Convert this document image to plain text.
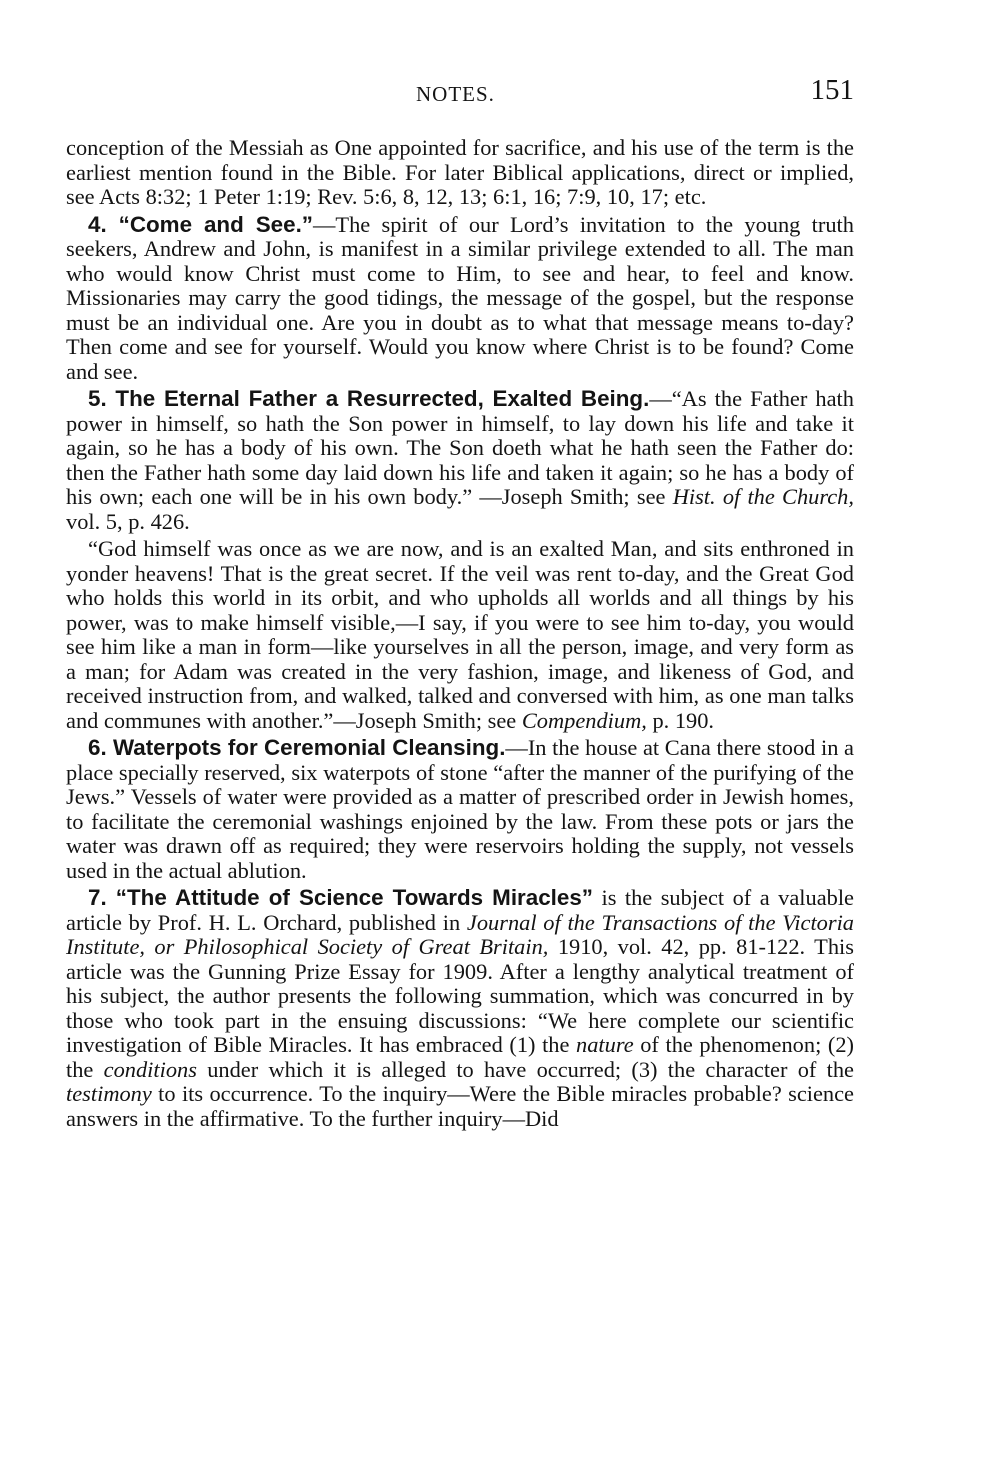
NOTES.	151

conception of the Messiah as One appointed for sacrifice, and his use of the term is the earliest mention found in the Bible. For later Biblical applications, direct or implied, see Acts 8:32; 1 Peter 1:19; Rev. 5:6, 8, 12, 13; 6:1, 16; 7:9, 10, 17; etc.

4. “Come and See.”—The spirit of our Lord’s invitation to the young truth seekers, Andrew and John, is manifest in a similar privilege extended to all. The man who would know Christ must come to Him, to see and hear, to feel and know. Missionaries may carry the good tidings, the message of the gospel, but the response must be an individual one. Are you in doubt as to what that message means to-day? Then come and see for yourself. Would you know where Christ is to be found? Come and see.

5. The Eternal Father a Resurrected, Exalted Being.—“As the Father hath power in himself, so hath the Son power in himself, to lay down his life and take it again, so he has a body of his own. The Son doeth what he hath seen the Father do: then the Father hath some day laid down his life and taken it again; so he has a body of his own; each one will be in his own body.” —Joseph Smith; see Hist. of the Church, vol. 5, p. 426.

“God himself was once as we are now, and is an exalted Man, and sits enthroned in yonder heavens! That is the great secret. If the veil was rent to-day, and the Great God who holds this world in its orbit, and who upholds all worlds and all things by his power, was to make himself visible,—I say, if you were to see him to-day, you would see him like a man in form—like yourselves in all the person, image, and very form as a man; for Adam was created in the very fashion, image, and likeness of God, and received instruction from, and walked, talked and conversed with him, as one man talks and communes with another.”—Joseph Smith; see Compendium, p. 190.

6. Waterpots for Ceremonial Cleansing.—In the house at Cana there stood in a place specially reserved, six waterpots of stone “after the manner of the purifying of the Jews.” Vessels of water were provided as a matter of prescribed order in Jewish homes, to facilitate the ceremonial washings enjoined by the law. From these pots or jars the water was drawn off as required; they were reservoirs holding the supply, not vessels used in the actual ablution.

7. “The Attitude of Science Towards Miracles” is the subject of a valuable article by Prof. H. L. Orchard, published in Journal of the Transactions of the Victoria Institute, or Philosophical Society of Great Britain, 1910, vol. 42, pp. 81-122. This article was the Gunning Prize Essay for 1909. After a lengthy analytical treatment of his subject, the author presents the following summation, which was concurred in by those who took part in the ensuing discussions: “We here complete our scientific investigation of Bible Miracles. It has embraced (1) the nature of the phenomenon; (2) the conditions under which it is alleged to have occurred; (3) the character of the testimony to its occurrence. To the inquiry—Were the Bible miracles probable? science answers in the affirmative. To the further inquiry—Did
